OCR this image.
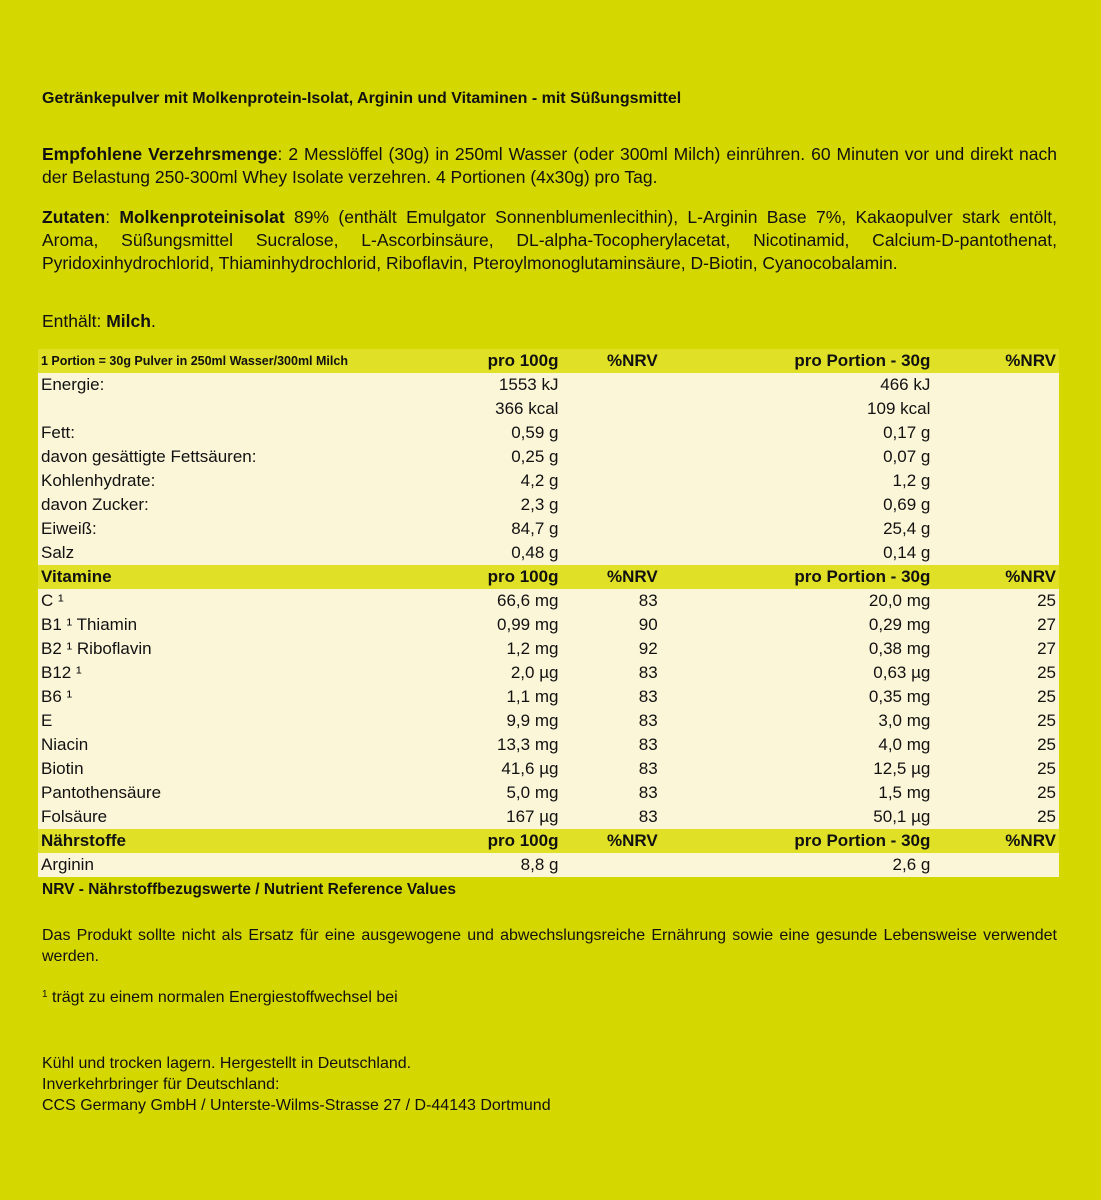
Getränkepulver mit Molkenprotein-Isolat, Arginin und Vitaminen - mit Süßungsmittel
Empfohlene Verzehrsmenge: 2 Messlöffel (30g) in 250ml Wasser (oder 300ml Milch) einrühren. 60 Minuten vor und direkt nach der Belastung 250-300ml Whey Isolate verzehren. 4 Portionen (4x30g) pro Tag.
Zutaten: Molkenproteinisolat 89% (enthält Emulgator Sonnenblumenlecithin), L-Arginin Base 7%, Kakaopulver stark entölt, Aroma, Süßungsmittel Sucralose, L-Ascorbinsäure, DL-alpha-Tocopherylacetat, Nicotinamid, Calcium-D-pantothenat, Pyridoxinhydrochlorid, Thiaminhydrochlorid, Riboflavin, Pteroylmonoglutaminsäure, D-Biotin, Cyanocobalamin.
Enthält: Milch.
1 Portion = 30g Pulver in 250ml Wasser/300ml Milch	pro 100g	%NRV	pro Portion - 30g	%NRV
Energie:	1553 kJ		466 kJ	
	366 kcal		109 kcal	
Fett:	0,59 g		0,17 g	
davon gesättigte Fettsäuren:	0,25 g		0,07 g	
Kohlenhydrate:	4,2 g		1,2 g	
davon Zucker:	2,3 g		0,69 g	
Eiweiß:	84,7 g		25,4 g	
Salz	0,48 g		0,14 g	
Vitamine	pro 100g	%NRV	pro Portion - 30g	%NRV
C ¹	66,6 mg	83	20,0 mg	25
B1 ¹ Thiamin	0,99 mg	90	0,29 mg	27
B2 ¹ Riboflavin	1,2 mg	92	0,38 mg	27
B12 ¹	2,0 µg	83	0,63 µg	25
B6 ¹	1,1 mg	83	0,35 mg	25
E	9,9 mg	83	3,0 mg	25
Niacin	13,3 mg	83	4,0 mg	25
Biotin	41,6 µg	83	12,5 µg	25
Pantothensäure	5,0 mg	83	1,5 mg	25
Folsäure	167 µg	83	50,1 µg	25
Nährstoffe	pro 100g	%NRV	pro Portion - 30g	%NRV
Arginin	8,8 g		2,6 g	
NRV - Nährstoffbezugswerte / Nutrient Reference Values
Das Produkt sollte nicht als Ersatz für eine ausgewogene und abwechslungsreiche Ernährung sowie eine gesunde Lebensweise verwendet werden.
$^1$ trägt zu einem normalen Energiestoffwechsel bei
Kühl und trocken lagern. Hergestellt in Deutschland.
Inverkehrbringer für Deutschland:
CCS Germany GmbH / Unterste-Wilms-Strasse 27 / D-44143 Dortmund
